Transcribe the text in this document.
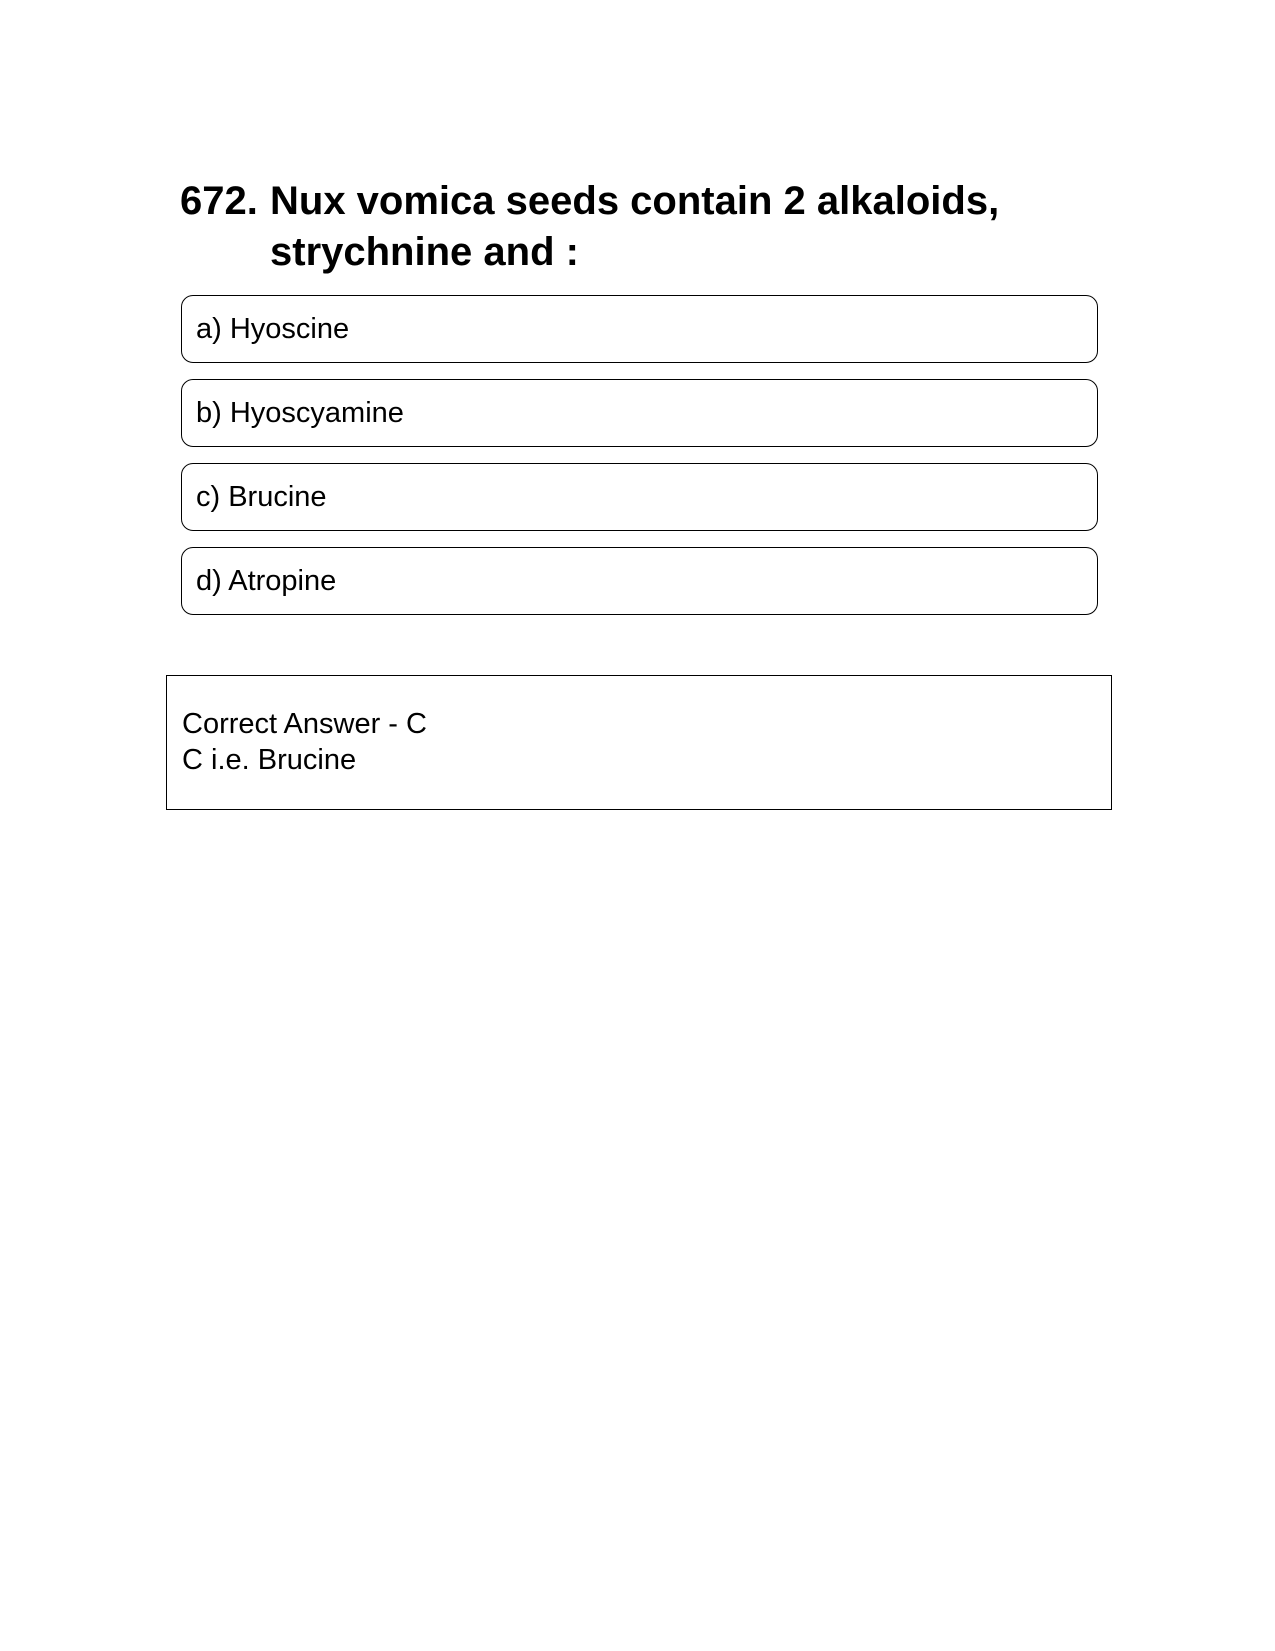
672. Nux vomica seeds contain 2 alkaloids, strychnine and :
a) Hyoscine
b) Hyoscyamine
c) Brucine
d) Atropine
Correct Answer - C
C i.e. Brucine
